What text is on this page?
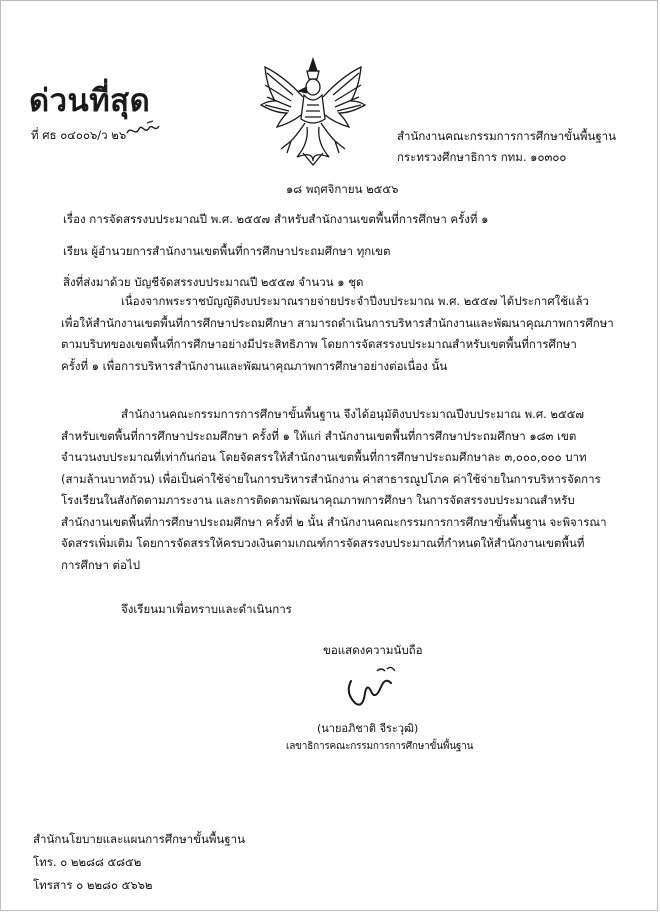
ด่วนที่สุด
ที่ ศธ ๐๔๐๐๖/ว ๒๖	สำนักงานคณะกรรมการการศึกษาขั้นพื้นฐาน
กระทรวงศึกษาธิการ กทม. ๑๐๓๐๐
๑๘ พฤศจิกายน ๒๕๕๖
เรื่อง การจัดสรรงบประมาณปี พ.ศ. ๒๕๕๗ สำหรับสำนักงานเขตพื้นที่การศึกษา ครั้งที่ ๑
เรียน ผู้อำนวยการสำนักงานเขตพื้นที่การศึกษาประถมศึกษา ทุกเขต
สิ่งที่ส่งมาด้วย บัญชีจัดสรรงบประมาณปี ๒๕๕๗ จำนวน ๑ ชุด
เนื่องจากพระราชบัญญัติงบประมาณรายจ่ายประจำปีงบประมาณ พ.ศ. ๒๕๕๗ ได้ประกาศใช้แล้ว
เพื่อให้สำนักงานเขตพื้นที่การศึกษาประถมศึกษา สามารถดำเนินการบริหารสำนักงานและพัฒนาคุณภาพการศึกษา
ตามบริบทของเขตพื้นที่การศึกษาอย่างมีประสิทธิภาพ โดยการจัดสรรงบประมาณสำหรับเขตพื้นที่การศึกษา
ครั้งที่ ๑ เพื่อการบริหารสำนักงานและพัฒนาคุณภาพการศึกษาอย่างต่อเนื่อง นั้น
สำนักงานคณะกรรมการการศึกษาขั้นพื้นฐาน จึงได้อนุมัติงบประมาณปีงบประมาณ พ.ศ. ๒๕๕๗
สำหรับเขตพื้นที่การศึกษาประถมศึกษา ครั้งที่ ๑ ให้แก่ สำนักงานเขตพื้นที่การศึกษาประถมศึกษา ๑๘๓ เขต
จำนวนงบประมาณที่เท่ากันก่อน โดยจัดสรรให้สำนักงานเขตพื้นที่การศึกษาประถมศึกษาละ ๓,๐๐๐,๐๐๐ บาท
(สามล้านบาทถ้วน) เพื่อเป็นค่าใช้จ่ายในการบริหารสำนักงาน ค่าสาธารณูปโภค ค่าใช้จ่ายในการบริหารจัดการ
โรงเรียนในสังกัดตามภาระงาน และการติดตามพัฒนาคุณภาพการศึกษา ในการจัดสรรงบประมาณสำหรับ
สำนักงานเขตพื้นที่การศึกษาประถมศึกษา ครั้งที่ ๒ นั้น สำนักงานคณะกรรมการการศึกษาขั้นพื้นฐาน จะพิจารณา
จัดสรรเพิ่มเติม โดยการจัดสรรให้ครบวงเงินตามเกณฑ์การจัดสรรงบประมาณที่กำหนดให้สำนักงานเขตพื้นที่
การศึกษา ต่อไป
จึงเรียนมาเพื่อทราบและดำเนินการ
ขอแสดงความนับถือ
(นายอภิชาติ จีระวุฒิ)
เลขาธิการคณะกรรมการการศึกษาขั้นพื้นฐาน
สำนักนโยบายและแผนการศึกษาขั้นพื้นฐาน
โทร. ๐ ๒๒๘๘ ๕๘๕๒
โทรสาร ๐ ๒๒๘๐ ๕๖๖๒
